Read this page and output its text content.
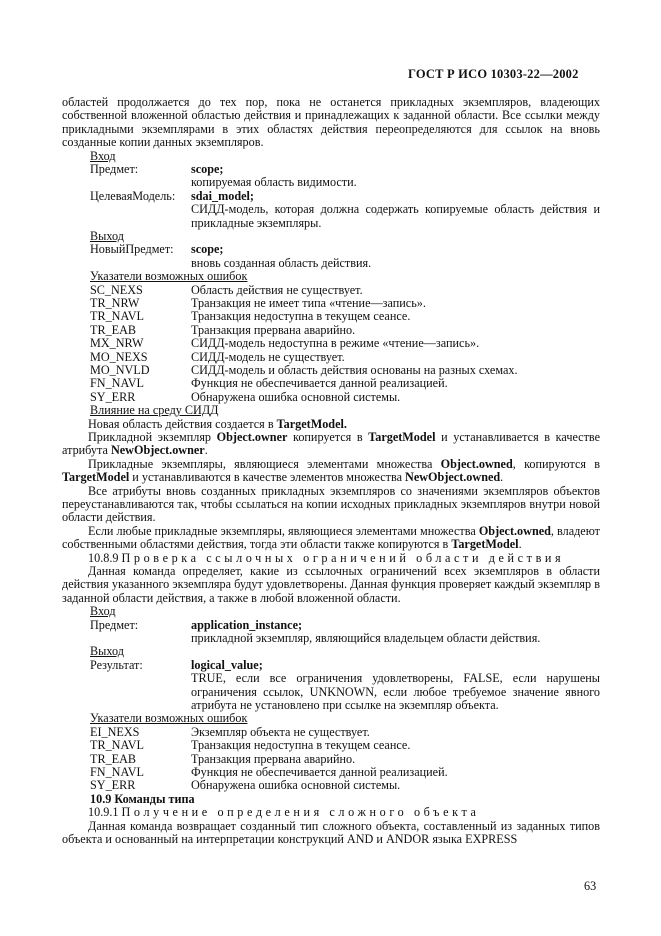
ГОСТ Р ИСО 10303-22—2002

областей продолжается до тех пор, пока не останется прикладных экземпляров, владеющих собственной вложенной областью действия и принадлежащих к заданной области. Все ссылки между прикладными экземплярами в этих областях действия переопределяются для ссылок на вновь созданные копии данных экземпляров.

Вход
Предмет:	scope;
копируемая область видимости.
ЦелеваяМодель: sdai_model;
СИДД-модель, которая должна содержать копируемые область действия и прикладные экземпляры.
Выход
НовыйПредмет: scope;
вновь созданная область действия.
Указатели возможных ошибок
SC_NEXS	Область действия не существует.
TR_NRW	Транзакция не имеет типа «чтение—запись».
TR_NAVL	Транзакция недоступна в текущем сеансе.
TR_EAB	Транзакция прервана аварийно.
MX_NRW	СИДД-модель недоступна в режиме «чтение—запись».
MO_NEXS	СИДД-модель не существует.
MO_NVLD	СИДД-модель и область действия основаны на разных схемах.
FN_NAVL	Функция не обеспечивается данной реализацией.
SY_ERR	Обнаружена ошибка основной системы.
Влияние на среду СИДД

Новая область действия создается в TargetModel.

Прикладной экземпляр Object.owner копируется в TargetModel и устанавливается в качестве атрибута NewObject.owner.

Прикладные экземпляры, являющиеся элементами множества Object.owned, копируются в TargetModel и устанавливаются в качестве элементов множества NewObject.owned.

Все атрибуты вновь созданных прикладных экземпляров со значениями экземпляров объектов переустанавливаются так, чтобы ссылаться на копии исходных прикладных экземпляров внутри новой области действия.

Если любые прикладные экземпляры, являющиеся элементами множества Object.owned, владеют собственными областями действия, тогда эти области также копируются в TargetModel.

10.8.9 Проверка ссылочных ограничений области действия

Данная команда определяет, какие из ссылочных ограничений всех экземпляров в области действия указанного экземпляра будут удовлетворены. Данная функция проверяет каждый экземпляр в заданной области действия, а также в любой вложенной области.

Вход
Предмет:	application_instance;
прикладной экземпляр, являющийся владельцем области действия.
Выход
Результат:	logical_value;
TRUE, если все ограничения удовлетворены, FALSE, если нарушены ограничения ссылок, UNKNOWN, если любое требуемое значение явного атрибута не установлено при ссылке на экземпляр объекта.
Указатели возможных ошибок
EI_NEXS	Экземпляр объекта не существует.
TR_NAVL	Транзакция недоступна в текущем сеансе.
TR_EAB	Транзакция прервана аварийно.
FN_NAVL	Функция не обеспечивается данной реализацией.
SY_ERR	Обнаружена ошибка основной системы.
10.9 Команды типа

10.9.1 Получение определения сложного объекта

Данная команда возвращает созданный тип сложного объекта, составленный из заданных типов объекта и основанный на интерпретации конструкций AND и ANDOR языка EXPRESS

63
